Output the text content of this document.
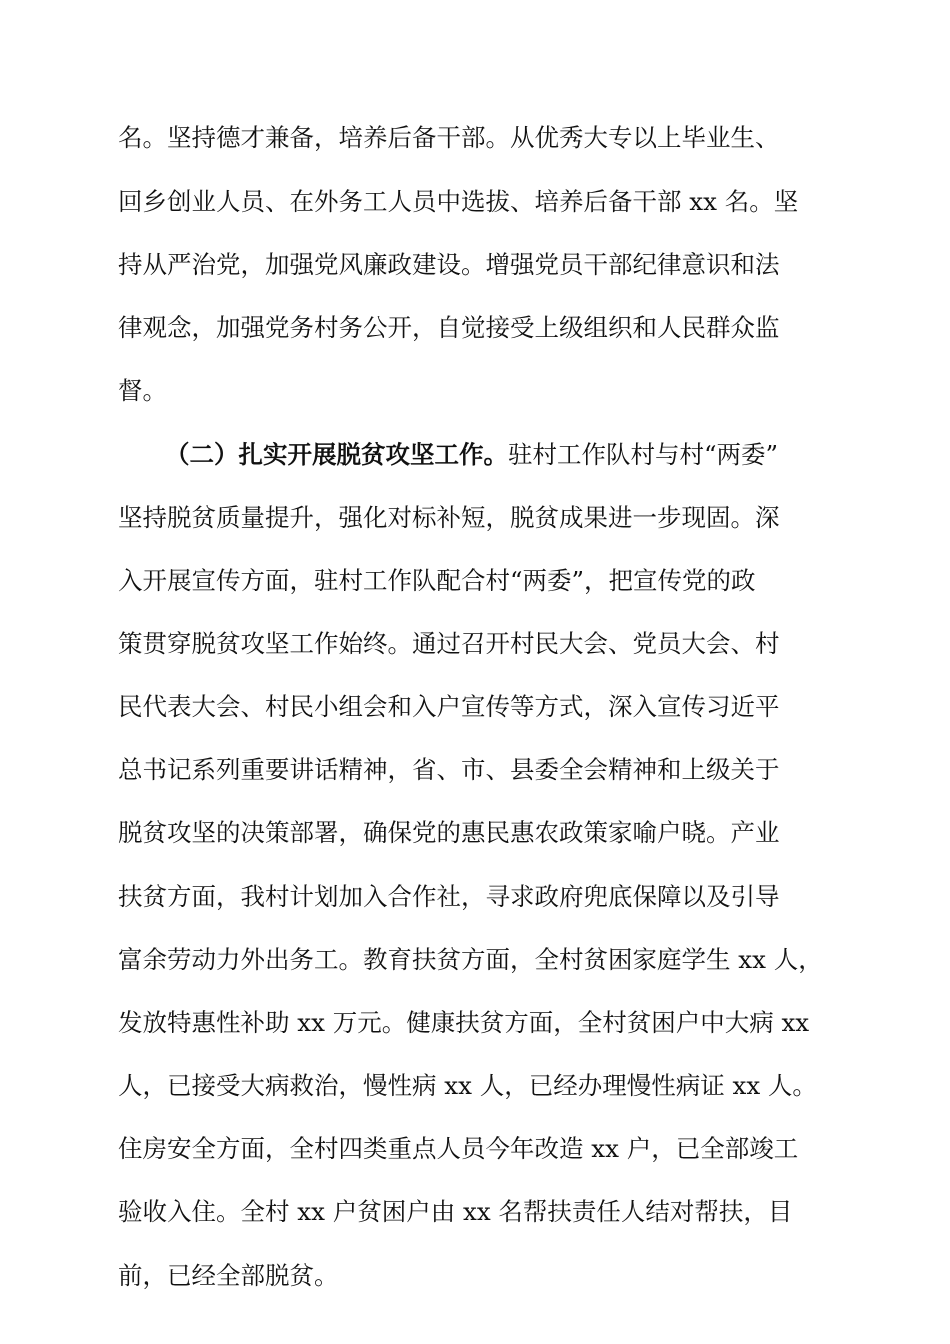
名。坚持德才兼备，培养后备干部。从优秀大专以上毕业生、
回乡创业人员、在外务工人员中选拔、培养后备干部 xx 名。坚
持从严治党，加强党风廉政建设。增强党员干部纪律意识和法
律观念，加强党务村务公开，自觉接受上级组织和人民群众监
督。
（二）扎实开展脱贫攻坚工作。驻村工作队村与村“两委”
坚持脱贫质量提升，强化对标补短，脱贫成果进一步现固。深
入开展宣传方面，驻村工作队配合村“两委”，把宣传党的政
策贯穿脱贫攻坚工作始终。通过召开村民大会、党员大会、村
民代表大会、村民小组会和入户宣传等方式，深入宣传习近平
总书记系列重要讲话精神，省、市、县委全会精神和上级关于
脱贫攻坚的决策部署，确保党的惠民惠农政策家喻户晓。产业
扶贫方面，我村计划加入合作社，寻求政府兜底保障以及引导
富余劳动力外出务工。教育扶贫方面，全村贫困家庭学生 xx 人，
发放特惠性补助 xx 万元。健康扶贫方面，全村贫困户中大病 xx
人，已接受大病救治，慢性病 xx 人，已经办理慢性病证 xx 人。
住房安全方面，全村四类重点人员今年改造 xx 户，已全部竣工
验收入住。全村 xx 户贫困户由 xx 名帮扶责任人结对帮扶，目
前，已经全部脱贫。
